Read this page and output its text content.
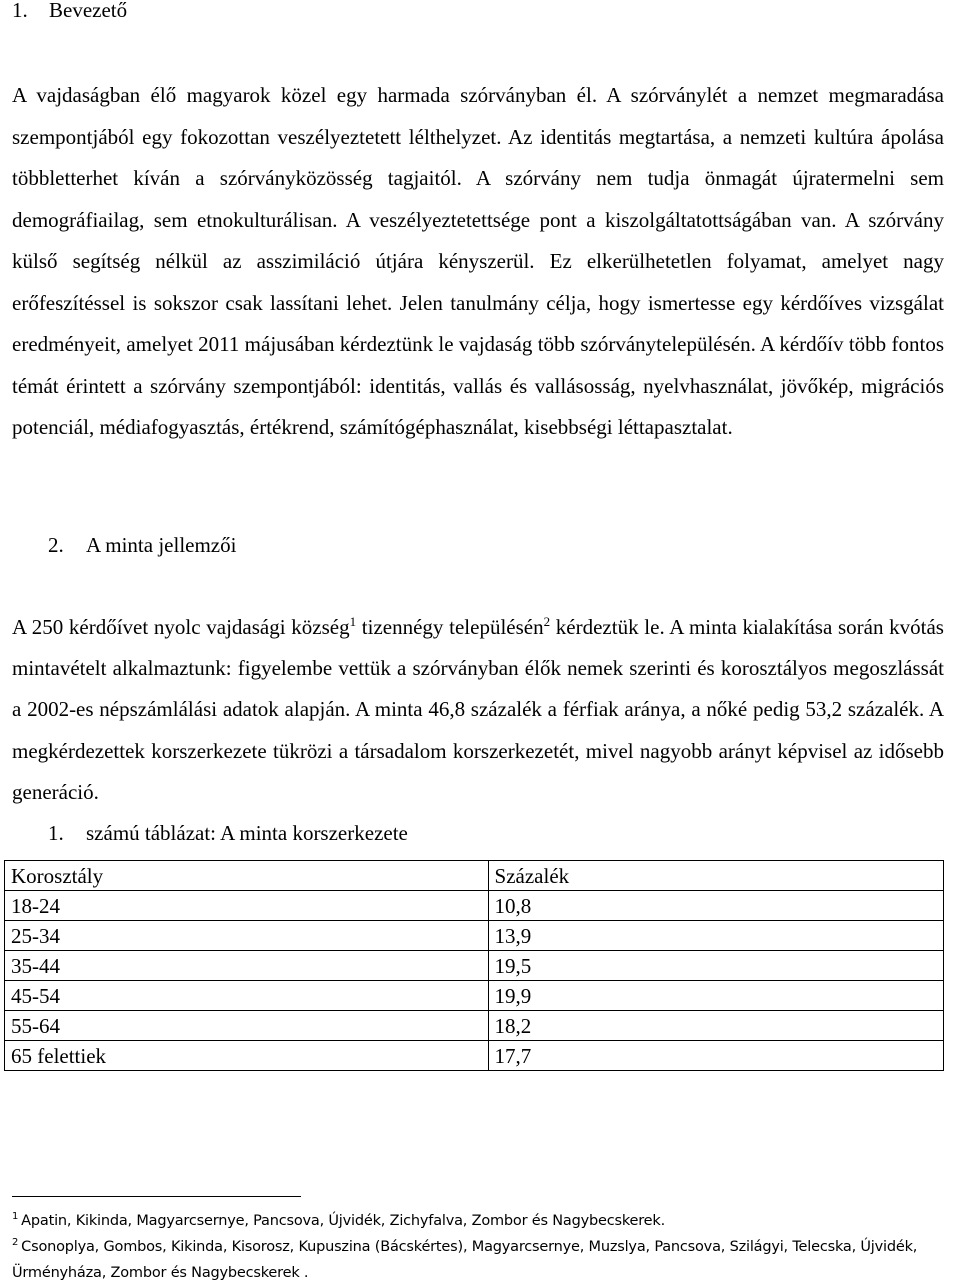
1. Bevezető

A vajdaságban élő magyarok közel egy harmada szórványban él. A szórványlét a nemzet megmaradása szempontjából egy fokozottan veszélyeztetett lélthelyzet. Az identitás megtartása, a nemzeti kultúra ápolása többletterhet kíván a szórványközösség tagjaitól. A szórvány nem tudja önmagát újratermelni sem demográfiailag, sem etnokulturálisan. A veszélyeztetettsége pont a kiszolgáltatottságában van. A szórvány külső segítség nélkül az asszimiláció útjára kényszerül. Ez elkerülhetetlen folyamat, amelyet nagy erőfeszítéssel is sokszor csak lassítani lehet. Jelen tanulmány célja, hogy ismertesse egy kérdőíves vizsgálat eredményeit, amelyet 2011 májusában kérdeztünk le vajdaság több szórványtelepülésén. A kérdőív több fontos témát érintett a szórvány szempontjából: identitás, vallás és vallásosság, nyelvhasználat, jövőkép, migrációs potenciál, médiafogyasztás, értékrend, számítógéphasználat, kisebbségi léttapasztalat.

2. A minta jellemzői

A 250 kérdőívet nyolc vajdasági község$^1$ tizennégy településén$^2$ kérdeztük le. A minta kialakítása során kvótás mintavételt alkalmaztunk: figyelembe vettük a szórványban élők nemek szerinti és korosztályos megoszlássát a 2002-es népszámlálási adatok alapján. A minta 46,8 százalék a férfiak aránya, a nőké pedig 53,2 százalék. A megkérdezettek korszerkezete tükrözi a társadalom korszerkezetét, mivel nagyobb arányt képvisel az idősebb generáció.

1. számú táblázat: A minta korszerkezete
Korosztály	Százalék
18-24	10,8
25-34	13,9
35-44	19,5
45-54	19,9
55-64	18,2
65 felettiek	17,7
$^1$ Apatin, Kikinda, Magyarcsernye, Pancsova, Újvidék, Zichyfalva, Zombor és Nagybecskerek.
$^2$ Csonoplya, Gombos, Kikinda, Kisorosz, Kupuszina (Bácskértes), Magyarcsernye, Muzslya, Pancsova, Szilágyi, Telecska, Újvidék, Ürményháza, Zombor és Nagybecskerek .
